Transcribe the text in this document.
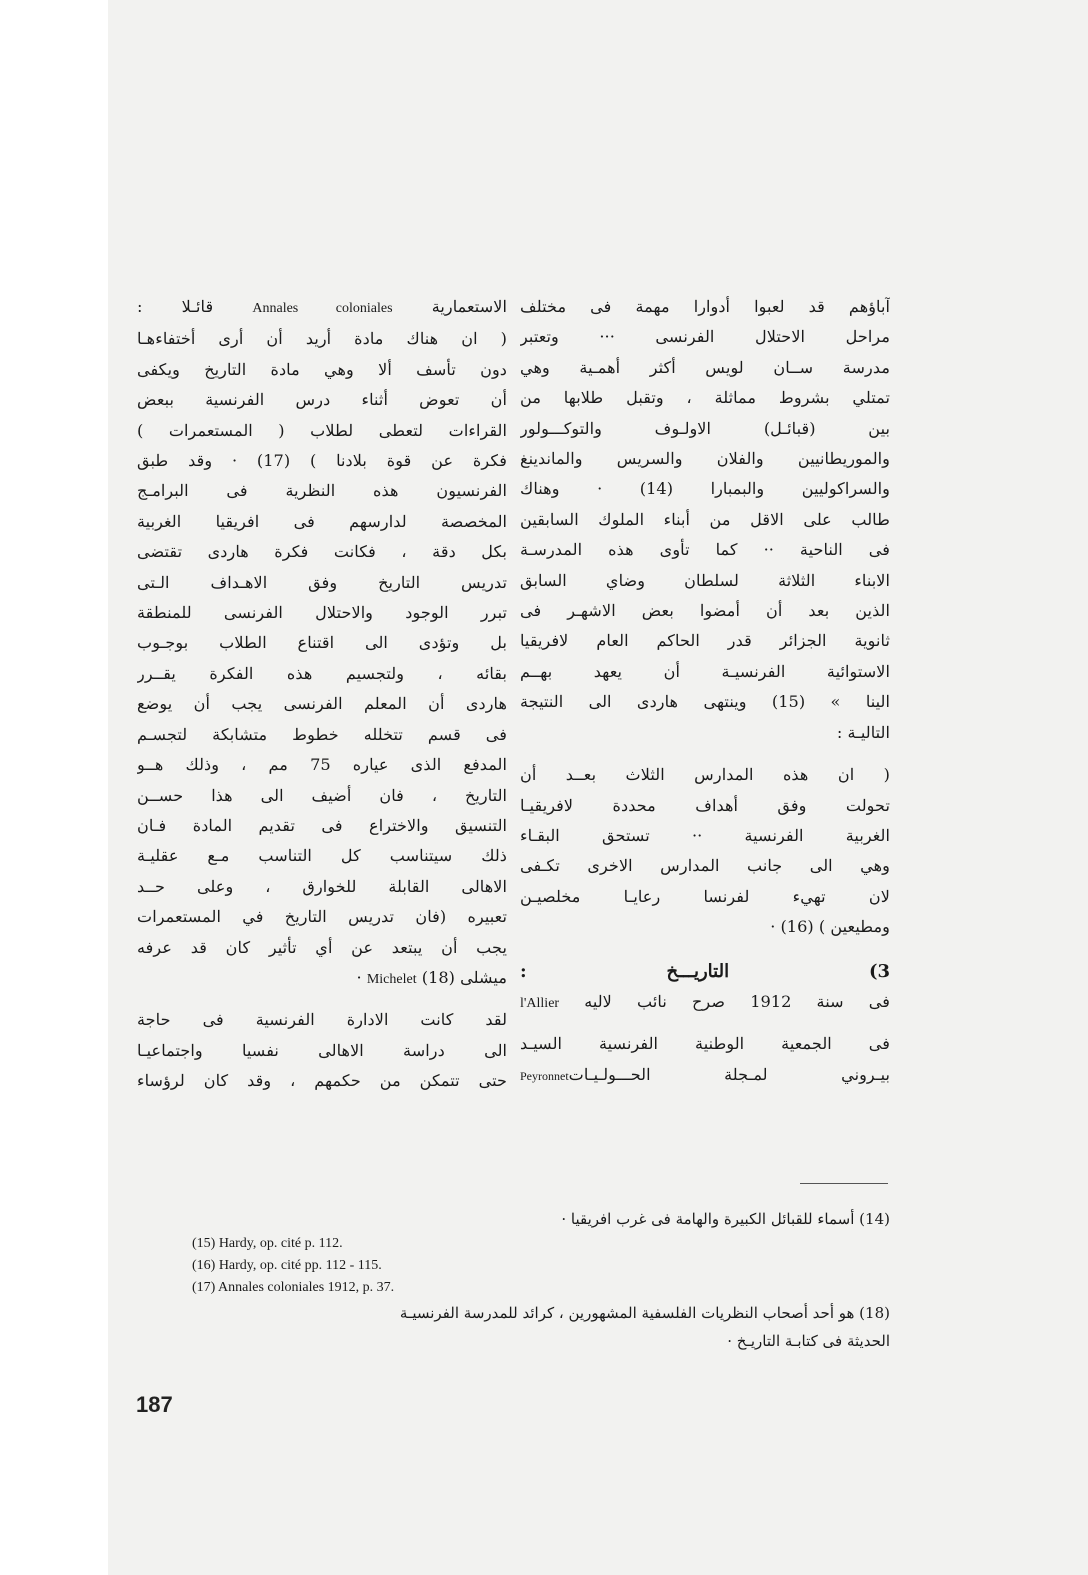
آباؤهم قد لعبوا أدوارا مهمة فى مختلف
مراحل الاحتلال الفرنسى ··· وتعتبر
مدرسة ســان لويس أكثر أهمـية وهي
تمتلي بشروط مماثلة ، وتقبل طلابها من
بين (قبائـل) الاولـوف والتوكـــولور
والموريطانيين والفلان والسريس والماندينغ
والسراكوليين والبمبارا (14) · وهناك
طالب على الاقل من أبناء الملوك السابقين
فى الناحية ·· كما تأوى هذه المدرسـة
الابناء الثلاثة لسلطان وضاي السابق
الذين بعد أن أمضوا بعض الاشهـر فى
ثانوية الجزائر قدر الحاكم العام لافريقيا
الاستوائية الفرنسيـة أن يعهد بهــم
الينا » (15) وينتهى هاردى الى النتيجة
التاليـة :
( ان هذه المدارس الثلاث بعــد أن
تحولت وفق أهداف محددة لافريقيـا
الغربية الفرنسية ·· تستحق البقـاء
وهي الى جانب المدارس الاخرى تكـفى
لان تهيء لفرنسا رعايـا مخلصيـن
ومطيعين ) (16) ·
3) التاريـــخ :
فى سنة 1912 صرح نائب لاليه l'Allier
فى الجمعية الوطنية الفرنسية السيـد
بيـروني لمـجلة الحـــولـيـاتPeyronnet
الاستعمارية Annales coloniales قائـلا :
( ان هناك مادة أريد أن أرى أختفاءهـا
دون تأسف ألا وهي مادة التاريخ ويكفى
أن تعوض أثناء درس الفرنسية ببعض
القراءات لتعطى لطلاب ( المستعمرات )
فكرة عن قوة بلادنا ) (17) · وقد طبق
الفرنسيون هذه النظرية فى البرامـج
المخصصة لدارسهم فى افريقيا الغربية
بكل دقة ، فكانت فكرة هاردى تقتضى
تدريس التاريخ وفق الاهـداف الـتى
تبرر الوجود والاحتلال الفرنسى للمنطقة
بل وتؤدى الى اقتناع الطلاب بوجـوب
بقائه ، ولتجسيم هذه الفكرة يقــرر
هاردى أن المعلم الفرنسى يجب أن يوضع
فى قسم تتخلله خطوط متشابكة لتجسـم
المدفع الذى عياره 75 مم ، وذلك هــو
التاريخ ، فان أضيف الى هذا حســن
التنسيق والاختراع فى تقديم المادة فـان
ذلك سيتناسب كل التناسب مـع عقليـة
الاهالى القابلة للخوارق ، وعلى حــد
تعبيره (فان تدريس التاريخ في المستعمرات
يجب أن يبتعد عن أي تأثير كان قد عرفه
ميشلى Michelet (18) ·
لقد كانت الادارة الفرنسية فى حاجة
الى دراسة الاهالى نفسيا واجتماعيـا
حتى تتمكن من حكمهم ، وقد كان لرؤساء
(14) أسماء للقبائل الكبيرة والهامة فى غرب افريقيا ·
(15) Hardy, op. cité p. 112.
(16) Hardy, op. cité pp. 112 - 115.
(17) Annales coloniales 1912, p. 37.
(18) هو أحد أصحاب النظريات الفلسفية المشهورين ، كرائد للمدرسة الفرنسيـة
الحديثة فى كتابـة التاريـخ ·
187
